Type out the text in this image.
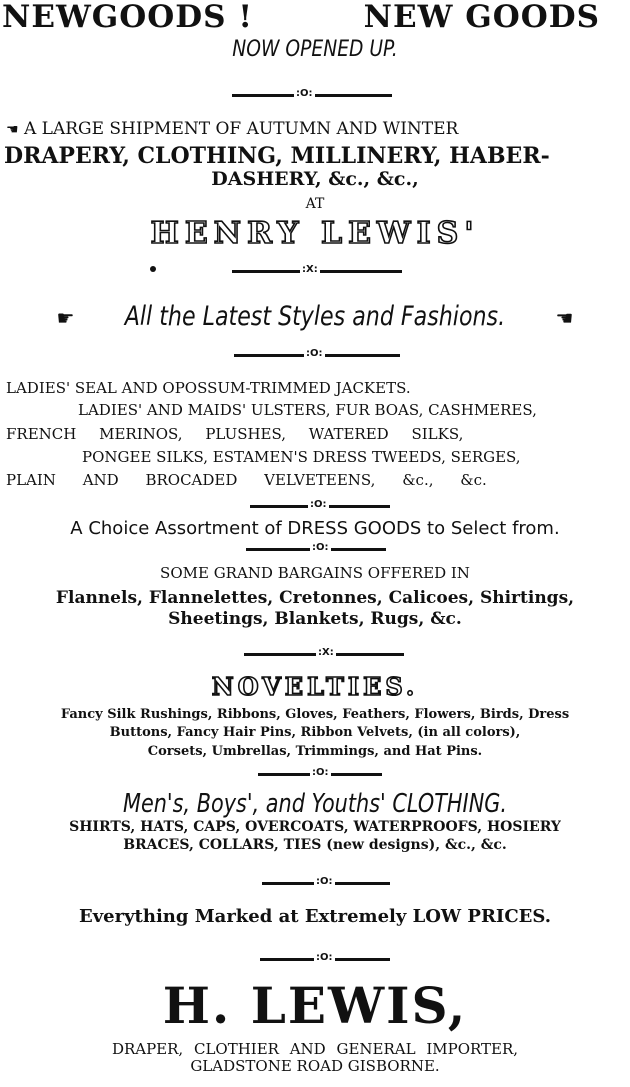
NEWGOODS !	NEW GOODS
NOW OPENED UP.
:O:
☚ A LARGE SHIPMENT OF AUTUMN AND WINTER
DRAPERY, CLOTHING, MILLINERY, HABER-
DASHERY, &c., &c.,
AT
HENRY LEWIS'
:X:
☛ All the Latest Styles and Fashions.	☚
:O:
LADIES' SEAL AND OPOSSUM-TRIMMED JACKETS.
LADIES' AND MAIDS' ULSTERS, FUR BOAS, CASHMERES,
FRENCH MERINOS, PLUSHES, WATERED SILKS,
PONGEE SILKS, ESTAMEN'S DRESS TWEEDS, SERGES,
PLAIN AND BROCADED VELVETEENS, &c., &c.
:O:
A Choice Assortment of DRESS GOODS to Select from.
:O:
SOME GRAND BARGAINS OFFERED IN
Flannels, Flannelettes, Cretonnes, Calicoes, Shirtings,
Sheetings, Blankets, Rugs, &c.
:X:
NOVELTIES.
Fancy Silk Rushings, Ribbons, Gloves, Feathers, Flowers, Birds, Dress
Buttons, Fancy Hair Pins, Ribbon Velvets, (in all colors),
Corsets, Umbrellas, Trimmings, and Hat Pins.
:O:
Men's, Boys', and Youths' CLOTHING.
SHIRTS, HATS, CAPS, OVERCOATS, WATERPROOFS, HOSIERY
BRACES, COLLARS, TIES (new designs), &c., &c.
:O:
Everything Marked at Extremely LOW PRICES.
:O:
H. LEWIS,
DRAPER, CLOTHIER AND GENERAL IMPORTER,
GLADSTONE ROAD GISBORNE.
